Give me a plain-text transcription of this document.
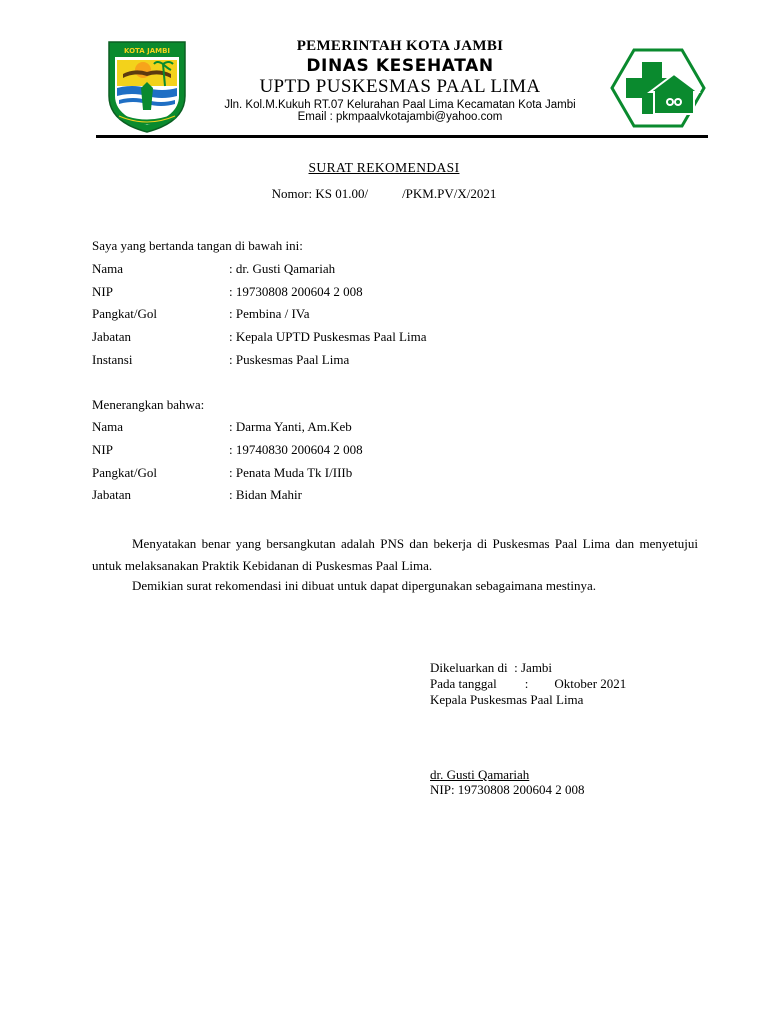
KOTA JAMBI	PEMERINTAH KOTA JAMBI
DINAS KESEHATAN
UPTD PUSKESMAS PAAL LIMA
Jln. Kol.M.Kukuh RT.07 Kelurahan Paal Lima Kecamatan Kota Jambi
Email : pkmpaalvkotajambi@yahoo.com
SURAT REKOMENDASI
Nomor: KS 01.00/	/PKM.PV/X/2021
Saya yang bertanda tangan di bawah ini:
Nama	: dr. Gusti Qamariah
NIP	: 19730808 200604 2 008
Pangkat/Gol	: Pembina / IVa
Jabatan	: Kepala UPTD Puskesmas Paal Lima
Instansi	: Puskesmas Paal Lima
Menerangkan bahwa:
Nama	: Darma Yanti, Am.Keb
NIP	: 19740830 200604 2 008
Pangkat/Gol	: Penata Muda Tk I/IIIb
Jabatan	: Bidan Mahir
Menyatakan benar yang bersangkutan adalah PNS dan bekerja di Puskesmas Paal Lima dan menyetujui untuk melaksanakan Praktik Kebidanan di Puskesmas Paal Lima.
Demikian surat rekomendasi ini dibuat untuk dapat dipergunakan sebagaimana mestinya.
Dikeluarkan di : Jambi
Pada tanggal : Oktober 2021
Kepala Puskesmas Paal Lima
dr. Gusti Qamariah
NIP: 19730808 200604 2 008
